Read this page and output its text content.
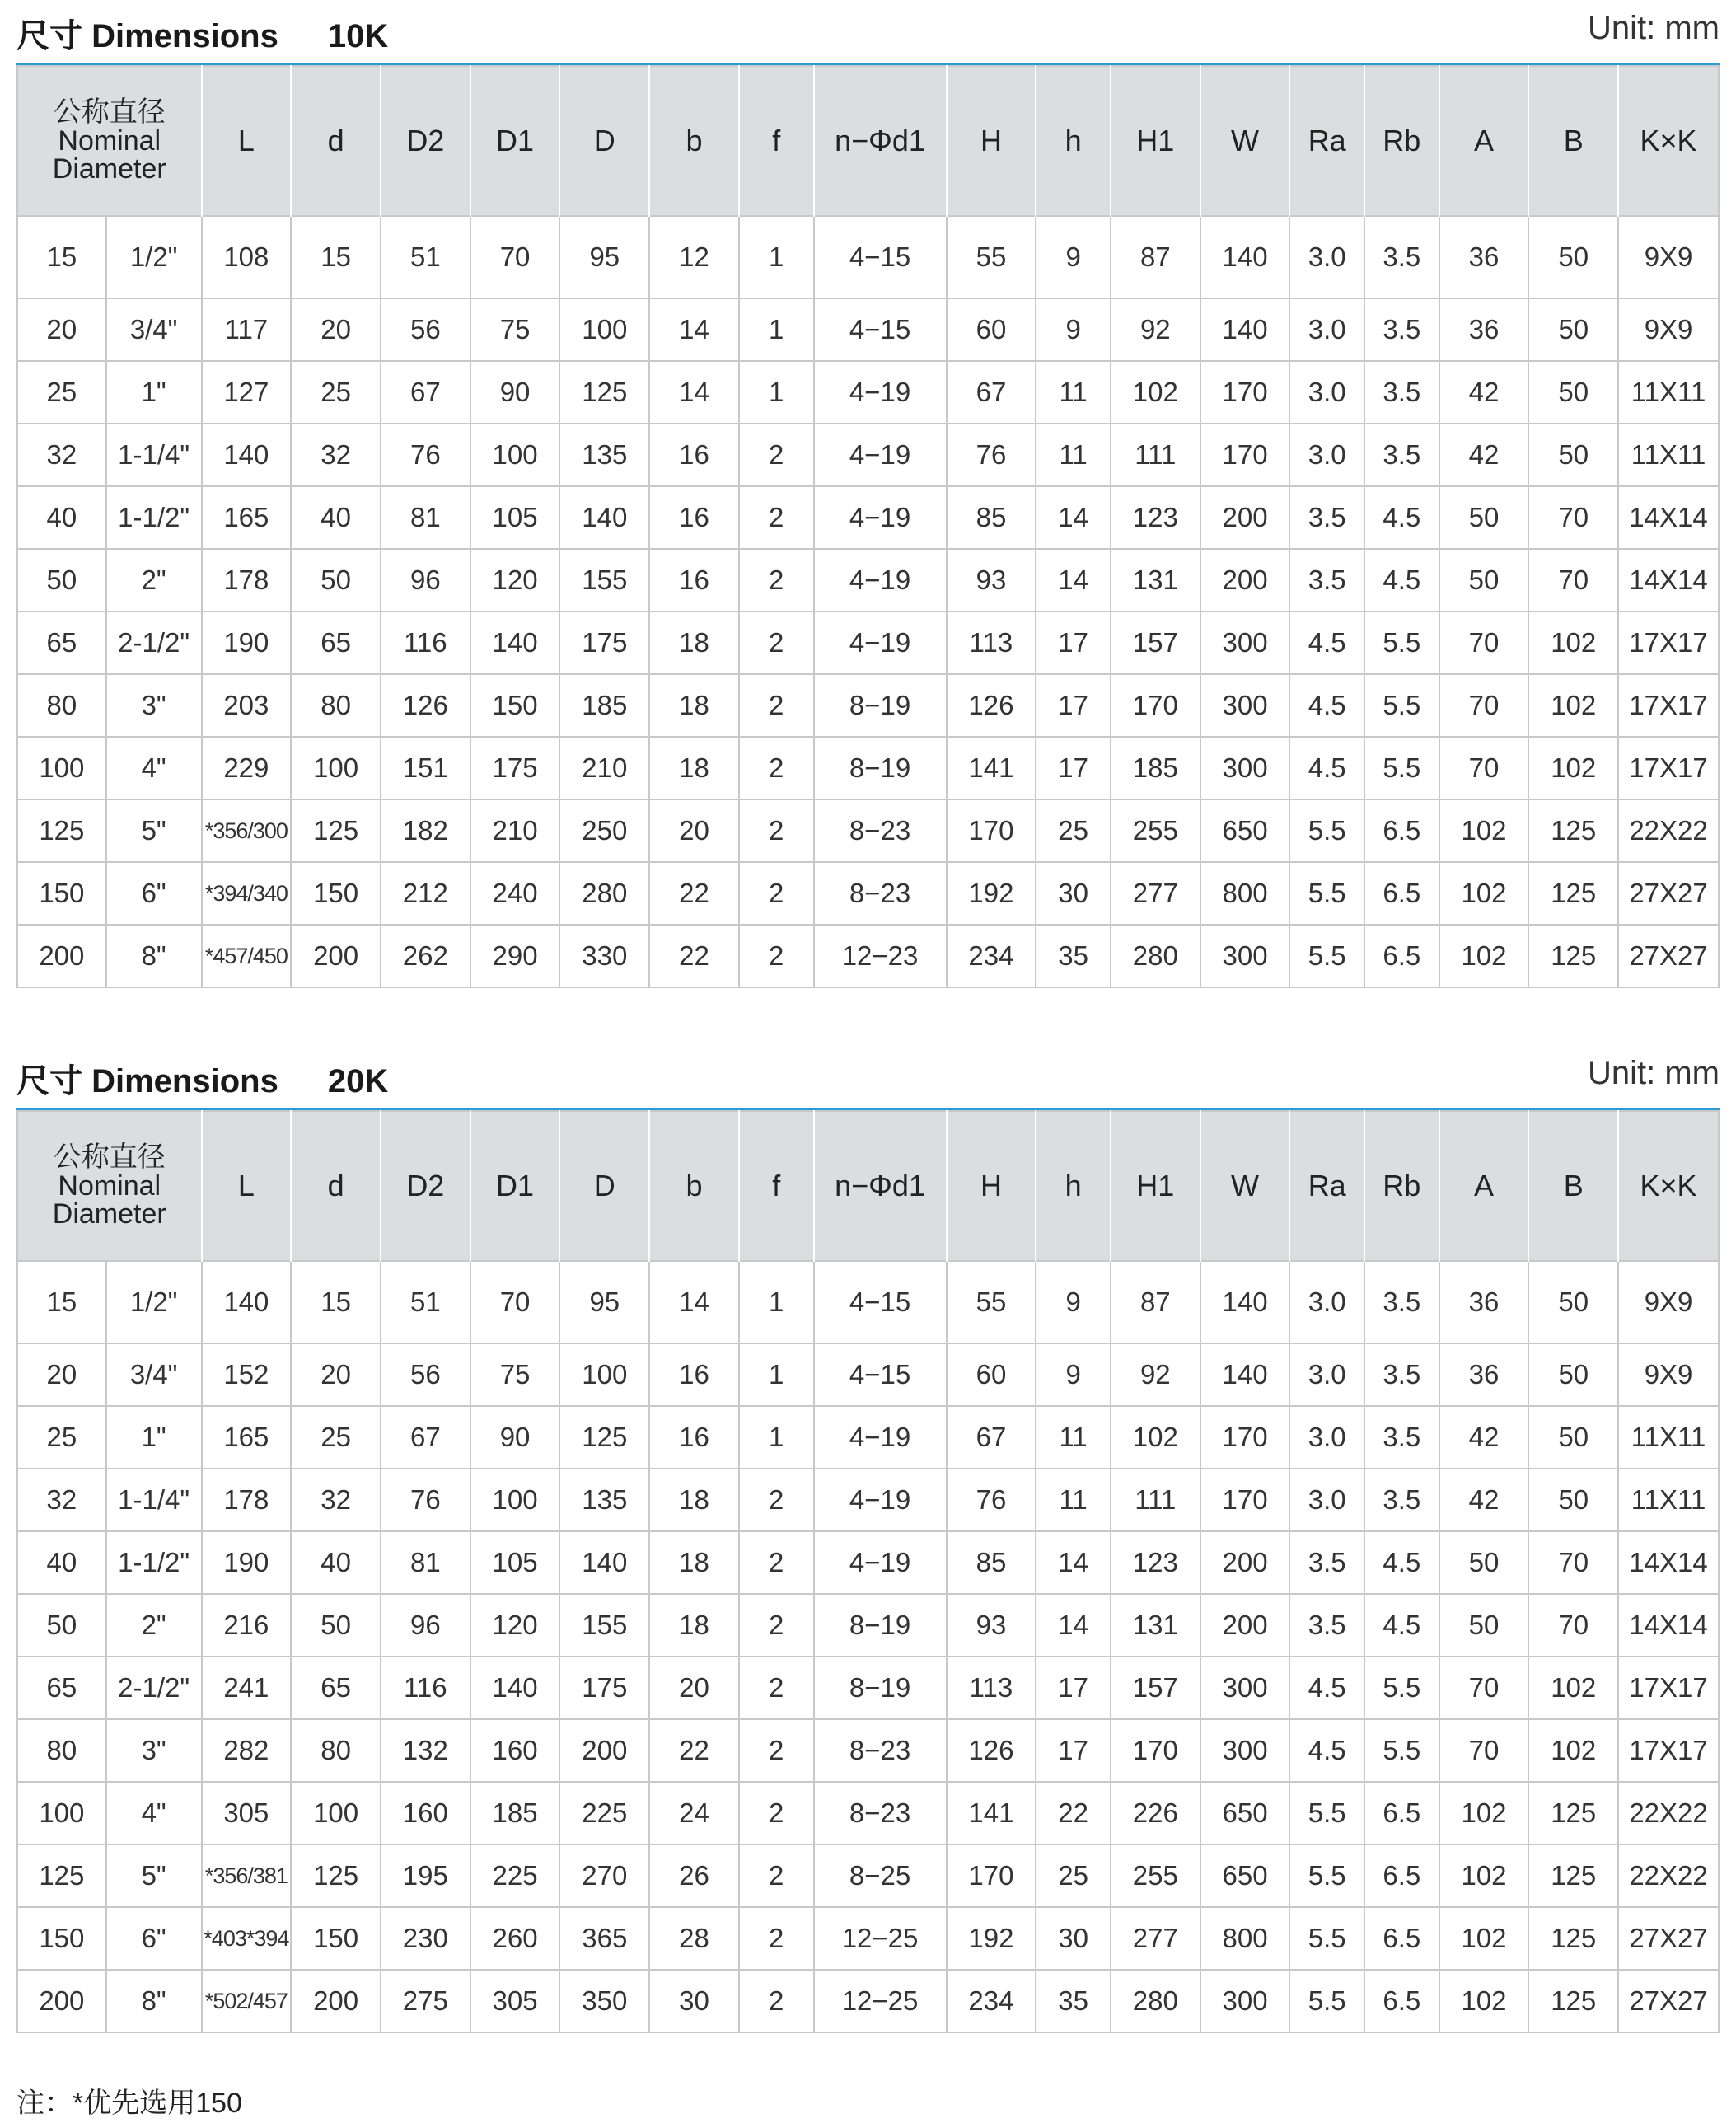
尺寸 Dimensions 10K	Unit: mm
公称直径
Nominal
Diameter		L	d	D2	D1	D	b	f	n−Φd1	H	h	H1	W	Ra	Rb	A	B	K×K
15	1/2"	108	15	51	70	95	12	1	4−15	55	9	87	140	3.0	3.5	36	50	9X9
20	3/4"	117	20	56	75	100	14	1	4−15	60	9	92	140	3.0	3.5	36	50	9X9
25	1"	127	25	67	90	125	14	1	4−19	67	11	102	170	3.0	3.5	42	50	11X11
32	1-1/4"	140	32	76	100	135	16	2	4−19	76	11	111	170	3.0	3.5	42	50	11X11
40	1-1/2"	165	40	81	105	140	16	2	4−19	85	14	123	200	3.5	4.5	50	70	14X14
50	2"	178	50	96	120	155	16	2	4−19	93	14	131	200	3.5	4.5	50	70	14X14
65	2-1/2"	190	65	116	140	175	18	2	4−19	113	17	157	300	4.5	5.5	70	102	17X17
80	3"	203	80	126	150	185	18	2	8−19	126	17	170	300	4.5	5.5	70	102	17X17
100	4"	229	100	151	175	210	18	2	8−19	141	17	185	300	4.5	5.5	70	102	17X17
125	5"	*356/300	125	182	210	250	20	2	8−23	170	25	255	650	5.5	6.5	102	125	22X22
150	6"	*394/340	150	212	240	280	22	2	8−23	192	30	277	800	5.5	6.5	102	125	27X27
200	8"	*457/450	200	262	290	330	22	2	12−23	234	35	280	300	5.5	6.5	102	125	27X27
尺寸 Dimensions 20K	Unit: mm
公称直径
Nominal
Diameter		L	d	D2	D1	D	b	f	n−Φd1	H	h	H1	W	Ra	Rb	A	B	K×K
15	1/2"	140	15	51	70	95	14	1	4−15	55	9	87	140	3.0	3.5	36	50	9X9
20	3/4"	152	20	56	75	100	16	1	4−15	60	9	92	140	3.0	3.5	36	50	9X9
25	1"	165	25	67	90	125	16	1	4−19	67	11	102	170	3.0	3.5	42	50	11X11
32	1-1/4"	178	32	76	100	135	18	2	4−19	76	11	111	170	3.0	3.5	42	50	11X11
40	1-1/2"	190	40	81	105	140	18	2	4−19	85	14	123	200	3.5	4.5	50	70	14X14
50	2"	216	50	96	120	155	18	2	8−19	93	14	131	200	3.5	4.5	50	70	14X14
65	2-1/2"	241	65	116	140	175	20	2	8−19	113	17	157	300	4.5	5.5	70	102	17X17
80	3"	282	80	132	160	200	22	2	8−23	126	17	170	300	4.5	5.5	70	102	17X17
100	4"	305	100	160	185	225	24	2	8−23	141	22	226	650	5.5	6.5	102	125	22X22
125	5"	*356/381	125	195	225	270	26	2	8−25	170	25	255	650	5.5	6.5	102	125	22X22
150	6"	*403*394	150	230	260	365	28	2	12−25	192	30	277	800	5.5	6.5	102	125	27X27
200	8"	*502/457	200	275	305	350	30	2	12−25	234	35	280	300	5.5	6.5	102	125	27X27
注：*优先选用150
